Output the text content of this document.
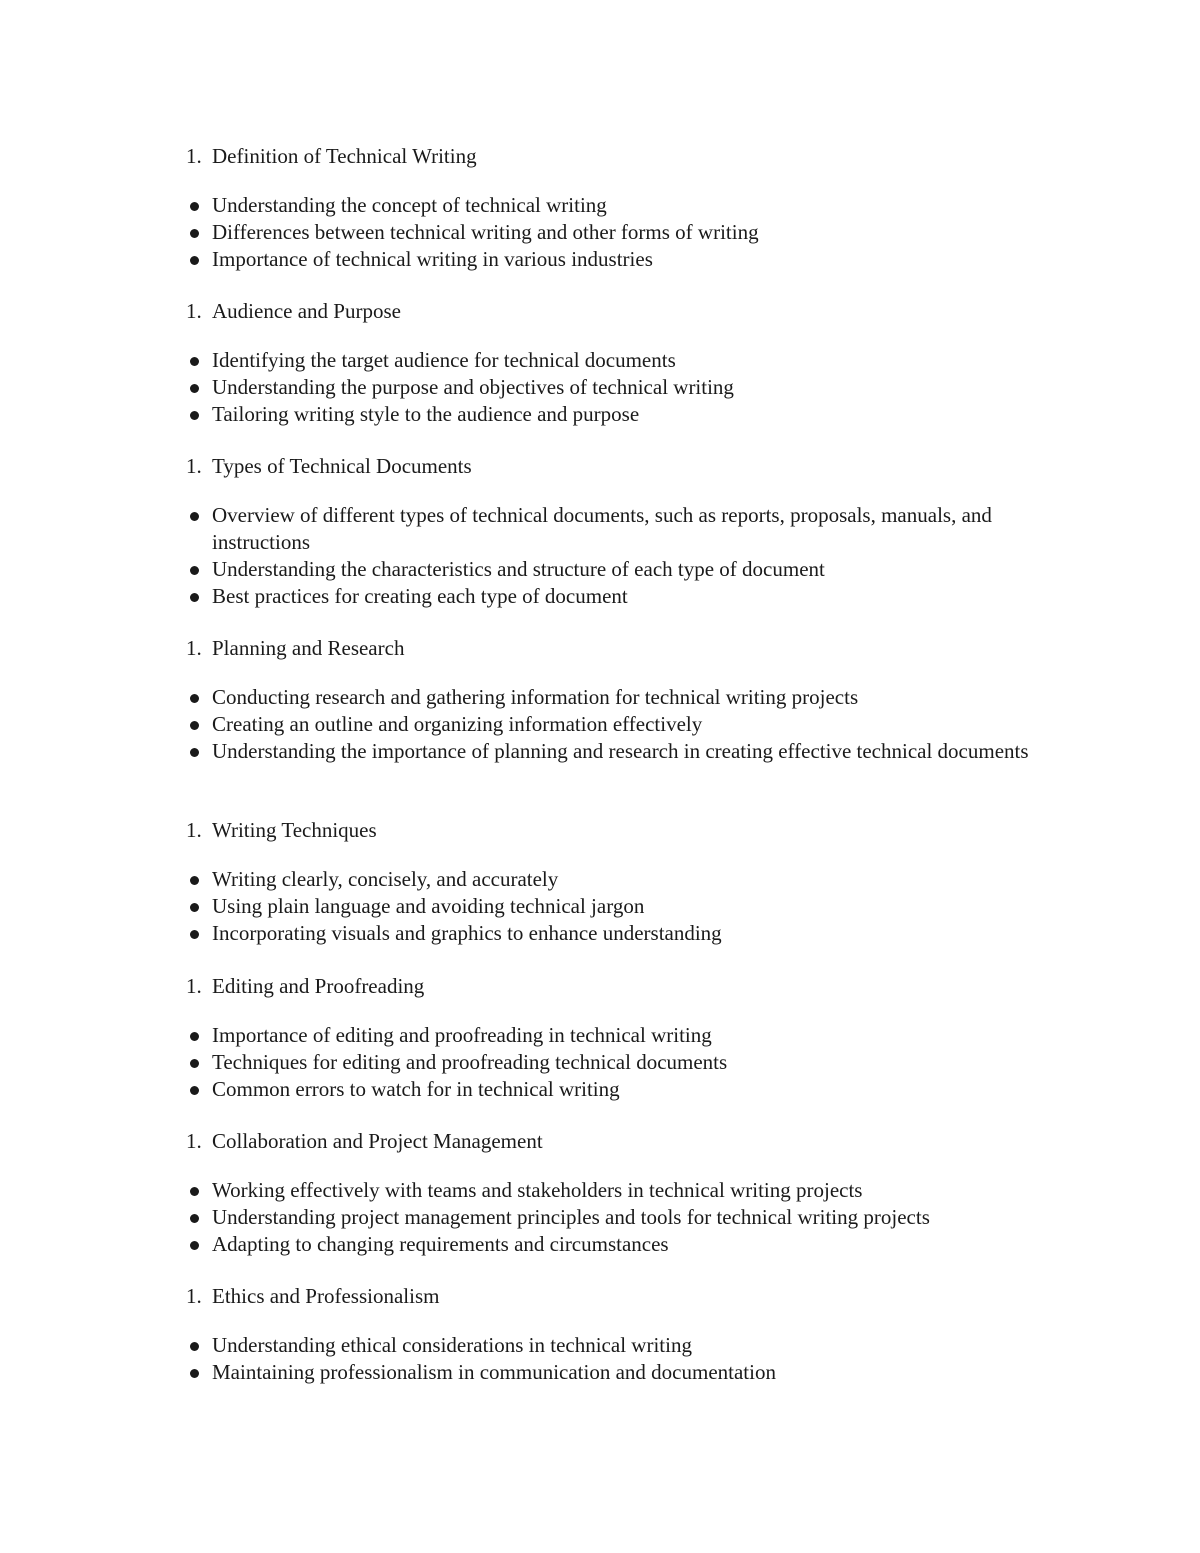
1. Definition of Technical Writing
Understanding the concept of technical writing
Differences between technical writing and other forms of writing
Importance of technical writing in various industries
1. Audience and Purpose
Identifying the target audience for technical documents
Understanding the purpose and objectives of technical writing
Tailoring writing style to the audience and purpose
1. Types of Technical Documents
Overview of different types of technical documents, such as reports, proposals, manuals, and instructions
Understanding the characteristics and structure of each type of document
Best practices for creating each type of document
1. Planning and Research
Conducting research and gathering information for technical writing projects
Creating an outline and organizing information effectively
Understanding the importance of planning and research in creating effective technical documents
1. Writing Techniques
Writing clearly, concisely, and accurately
Using plain language and avoiding technical jargon
Incorporating visuals and graphics to enhance understanding
1. Editing and Proofreading
Importance of editing and proofreading in technical writing
Techniques for editing and proofreading technical documents
Common errors to watch for in technical writing
1. Collaboration and Project Management
Working effectively with teams and stakeholders in technical writing projects
Understanding project management principles and tools for technical writing projects
Adapting to changing requirements and circumstances
1. Ethics and Professionalism
Understanding ethical considerations in technical writing
Maintaining professionalism in communication and documentation
